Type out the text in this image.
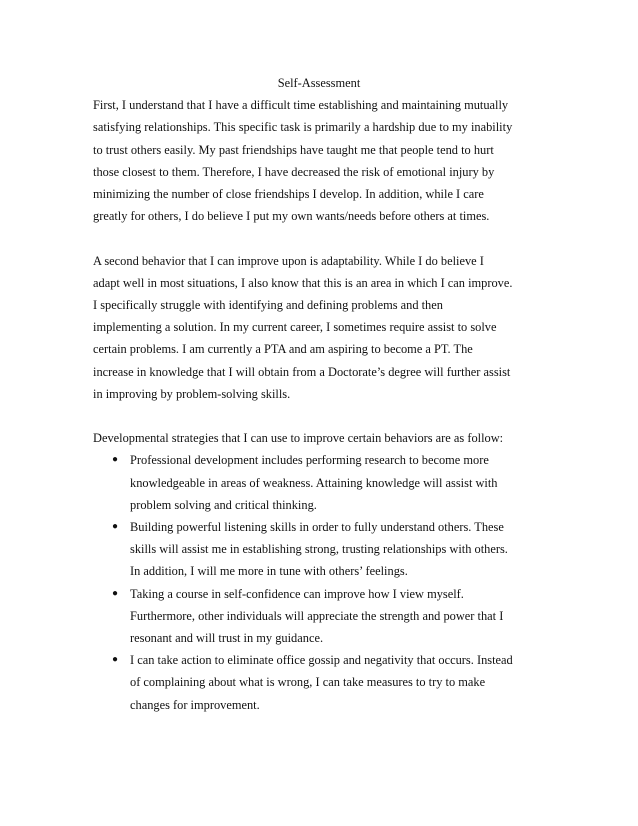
Self-Assessment

First, I understand that I have a difficult time establishing and maintaining mutually
satisfying relationships. This specific task is primarily a hardship due to my inability
to trust others easily. My past friendships have taught me that people tend to hurt
those closest to them. Therefore, I have decreased the risk of emotional injury by
minimizing the number of close friendships I develop. In addition, while I care
greatly for others, I do believe I put my own wants/needs before others at times.

A second behavior that I can improve upon is adaptability. While I do believe I
adapt well in most situations, I also know that this is an area in which I can improve.
I specifically struggle with identifying and defining problems and then
implementing a solution. In my current career, I sometimes require assist to solve
certain problems. I am currently a PTA and am aspiring to become a PT. The
increase in knowledge that I will obtain from a Doctorate’s degree will further assist
in improving by problem-solving skills.

Developmental strategies that I can use to improve certain behaviors are as follow:

● Professional development includes performing research to become more
knowledgeable in areas of weakness. Attaining knowledge will assist with
problem solving and critical thinking.
● Building powerful listening skills in order to fully understand others. These
skills will assist me in establishing strong, trusting relationships with others.
In addition, I will me more in tune with others’ feelings.
● Taking a course in self-confidence can improve how I view myself.
Furthermore, other individuals will appreciate the strength and power that I
resonant and will trust in my guidance.
● I can take action to eliminate office gossip and negativity that occurs. Instead
of complaining about what is wrong, I can take measures to try to make
changes for improvement.
